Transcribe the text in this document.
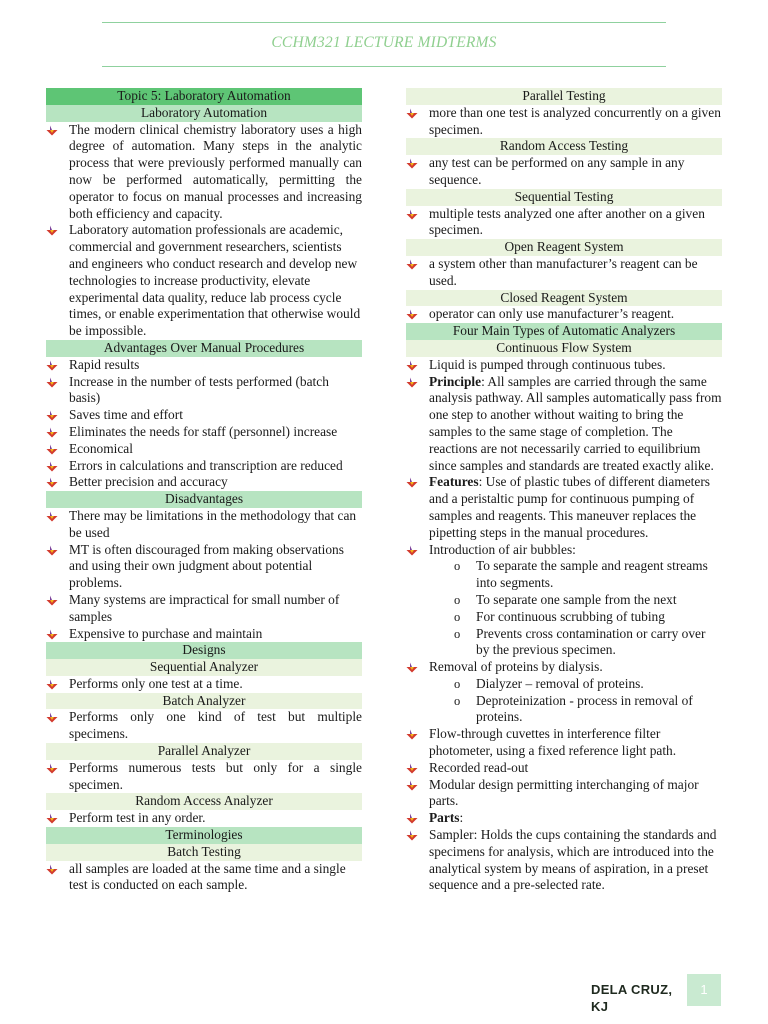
CCHM321 LECTURE MIDTERMS
Topic 5: Laboratory Automation
Laboratory Automation
The modern clinical chemistry laboratory uses a high degree of automation. Many steps in the analytic process that were previously performed manually can now be performed automatically, permitting the operator to focus on manual processes and increasing both efficiency and capacity.
Laboratory automation professionals are academic, commercial and government researchers, scientists and engineers who conduct research and develop new technologies to increase productivity, elevate experimental data quality, reduce lab process cycle times, or enable experimentation that otherwise would be impossible.
Advantages Over Manual Procedures
Rapid results
Increase in the number of tests performed (batch basis)
Saves time and effort
Eliminates the needs for staff (personnel) increase
Economical
Errors in calculations and transcription are reduced
Better precision and accuracy
Disadvantages
There may be limitations in the methodology that can be used
MT is often discouraged from making observations and using their own judgment about potential problems.
Many systems are impractical for small number of samples
Expensive to purchase and maintain
Designs
Sequential Analyzer
Performs only one test at a time.
Batch Analyzer
Performs only one kind of test but multiple specimens.
Parallel Analyzer
Performs numerous tests but only for a single specimen.
Random Access Analyzer
Perform test in any order.
Terminologies
Batch Testing
all samples are loaded at the same time and a single test is conducted on each sample.
Parallel Testing
more than one test is analyzed concurrently on a given specimen.
Random Access Testing
any test can be performed on any sample in any sequence.
Sequential Testing
multiple tests analyzed one after another on a given specimen.
Open Reagent System
a system other than manufacturer’s reagent can be used.
Closed Reagent System
operator can only use manufacturer’s reagent.
Four Main Types of Automatic Analyzers
Continuous Flow System
Liquid is pumped through continuous tubes.
Principle: All samples are carried through the same analysis pathway. All samples automatically pass from one step to another without waiting to bring the samples to the same stage of completion. The reactions are not necessarily carried to equilibrium since samples and standards are treated exactly alike.
Features: Use of plastic tubes of different diameters and a peristaltic pump for continuous pumping of samples and reagents. This maneuver replaces the pipetting steps in the manual procedures.
Introduction of air bubbles:
o To separate the sample and reagent streams into segments.
o To separate one sample from the next
o For continuous scrubbing of tubing
o Prevents cross contamination or carry over by the previous specimen.
Removal of proteins by dialysis.
o Dialyzer – removal of proteins.
o Deproteinization - process in removal of proteins.
Flow-through cuvettes in interference filter photometer, using a fixed reference light path.
Recorded read-out
Modular design permitting interchanging of major parts.
Parts:
Sampler: Holds the cups containing the standards and specimens for analysis, which are introduced into the analytical system by means of aspiration, in a preset sequence and a pre-selected rate.
DELA CRUZ, KJ
1
